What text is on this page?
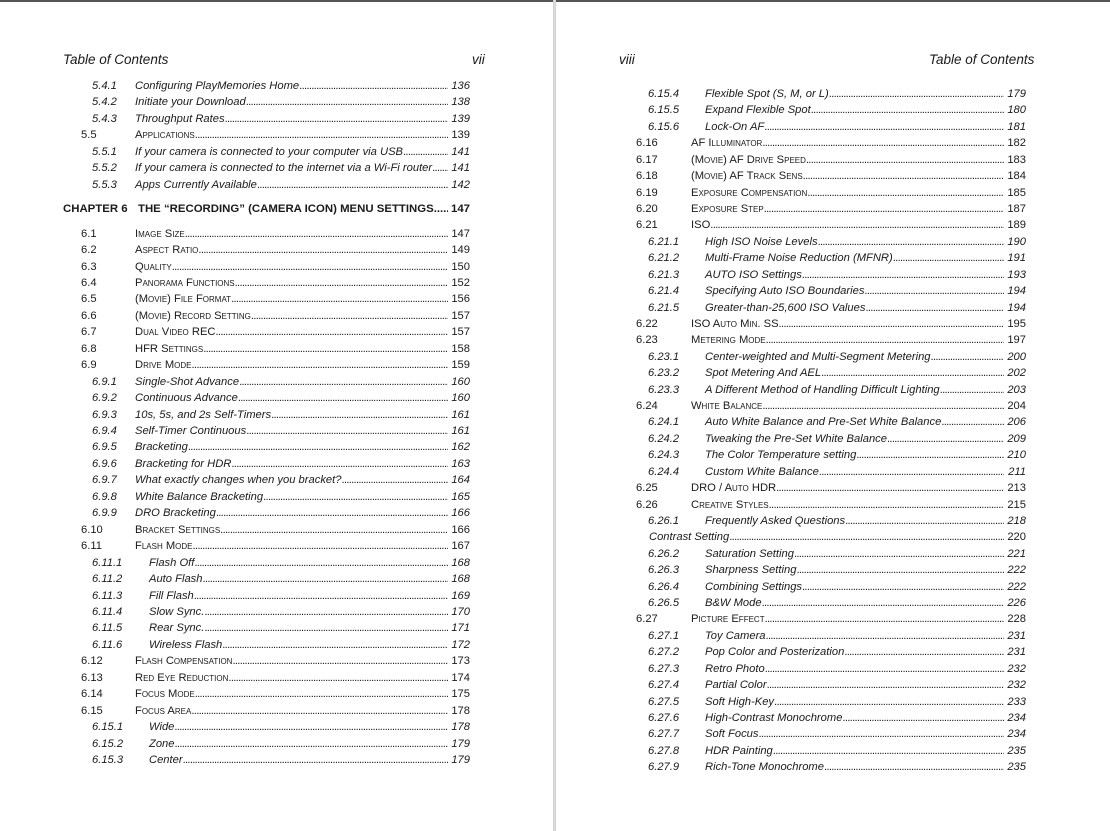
Table of Contents	vii
5.4.1 Configuring PlayMemories Home . . .	136
5.4.2 Initiate your Download . . .	138
5.4.3 Throughput Rates . . .	139
5.5	Applications . . .	139
5.5.1 If your camera is connected to your computer via USB . . .	141
5.5.2 If your camera is connected to the internet via a Wi-Fi router . . .	141
5.5.3 Apps Currently Available . . .	142
CHAPTER 6 THE “RECORDING” (CAMERA ICON) MENU SETTINGS . . .	147
6.1	Image Size . . .	147
6.2	Aspect Ratio . . .	149
6.3	Quality . . .	150
6.4	Panorama Functions . . .	152
6.5	(Movie) File Format . . .	156
6.6	(Movie) Record Setting . . .	157
6.7	Dual Video REC . . .	157
6.8	HFR Settings . . .	158
6.9	Drive Mode . . .	159
6.9.1 Single-Shot Advance . . .	160
6.9.2 Continuous Advance . . .	160
6.9.3 10s, 5s, and 2s Self-Timers . . .	161
6.9.4 Self-Timer Continuous . . .	161
6.9.5 Bracketing . . .	162
6.9.6 Bracketing for HDR . . .	163
6.9.7 What exactly changes when you bracket? . . .	164
6.9.8 White Balance Bracketing . . .	165
6.9.9 DRO Bracketing . . .	166
6.10	Bracket Settings . . .	166
6.11	Flash Mode . . .	167
6.11.1 Flash Off . . .	168
6.11.2 Auto Flash . . .	168
6.11.3 Fill Flash . . .	169
6.11.4 Slow Sync. . . .	170
6.11.5 Rear Sync. . . .	171
6.11.6 Wireless Flash . . .	172
6.12	Flash Compensation . . .	173
6.13	Red Eye Reduction . . .	174
6.14	Focus Mode . . .	175
6.15	Focus Area . . .	178
6.15.1 Wide . . .	178
6.15.2 Zone . . .	179
6.15.3 Center . . .	179
viii	Table of Contents
6.15.4 Flexible Spot (S, M, or L) . . .	179
6.15.5 Expand Flexible Spot . . .	180
6.15.6 Lock-On AF . . .	181
6.16	AF Illuminator . . .	182
6.17	(Movie) AF Drive Speed . . .	183
6.18	(Movie) AF Track Sens . . .	184
6.19	Exposure Compensation . . .	185
6.20	Exposure Step . . .	187
6.21	ISO . . .	189
6.21.1 High ISO Noise Levels . . .	190
6.21.2 Multi-Frame Noise Reduction (MFNR) . . .	191
6.21.3 AUTO ISO Settings . . .	193
6.21.4 Specifying Auto ISO Boundaries . . .	194
6.21.5 Greater-than-25,600 ISO Values . . .	194
6.22	ISO Auto Min. SS . . .	195
6.23	Metering Mode . . .	197
6.23.1 Center-weighted and Multi-Segment Metering . . .	200
6.23.2 Spot Metering And AEL . . .	202
6.23.3 A Different Method of Handling Difficult Lighting . . .	203
6.24	White Balance . . .	204
6.24.1 Auto White Balance and Pre-Set White Balance . . .	206
6.24.2 Tweaking the Pre-Set White Balance . . .	209
6.24.3 The Color Temperature setting . . .	210
6.24.4 Custom White Balance . . .	211
6.25	DRO / Auto HDR . . .	213
6.26	Creative Styles . . .	215
6.26.1 Frequently Asked Questions . . .	218
Contrast Setting . . .	220
6.26.2 Saturation Setting . . .	221
6.26.3 Sharpness Setting . . .	222
6.26.4 Combining Settings . . .	222
6.26.5 B&W Mode . . .	226
6.27	Picture Effect . . .	228
6.27.1 Toy Camera . . .	231
6.27.2 Pop Color and Posterization . . .	231
6.27.3 Retro Photo . . .	232
6.27.4 Partial Color . . .	232
6.27.5 Soft High-Key . . .	233
6.27.6 High-Contrast Monochrome . . .	234
6.27.7 Soft Focus . . .	234
6.27.8 HDR Painting . . .	235
6.27.9 Rich-Tone Monochrome . . .	235
